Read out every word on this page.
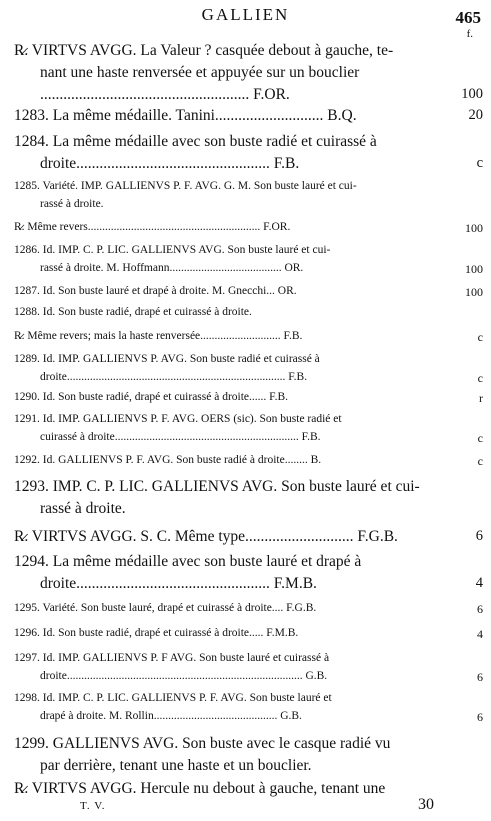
GALLIEN	465
f.
R̷. VIRTVS AVGG. La Valeur ? casquée debout à gauche, te-
nant une haste renversée et appuyée sur un bouclier
...................................................... F.OR.	100
1283. La même médaille. Tanini............................ B.Q.	20
1284. La même médaille avec son buste radié et cuirassé à
droite.................................................. F.B.	c
1285. Variété. IMP. GALLIENVS P. F. AVG. G. M. Son buste lauré et cui-
rassé à droite.
R̷. Même revers............................................................ F.OR.	100
1286. Id. IMP. C. P. LIC. GALLIENVS AVG. Son buste lauré et cui-
rassé à droite. M. Hoffmann....................................... OR.	100
1287. Id. Son buste lauré et drapé à droite. M. Gnecchi... OR.	100
1288. Id. Son buste radié, drapé et cuirassé à droite.
R̷. Même revers; mais la haste renversée............................ F.B.	c
1289. Id. IMP. GALLIENVS P. AVG. Son buste radié et cuirassé à
droite............................................................................ F.B.	c
1290. Id. Son buste radié, drapé et cuirassé à droite...... F.B.	r
1291. Id. IMP. GALLIENVS P. F. AVG. OERS (sic). Son buste radié et
cuirassé à droite................................................................ F.B.	c
1292. Id. GALLIENVS P. F. AVG. Son buste radié à droite........ B.	c
1293. IMP. C. P. LIC. GALLIENVS AVG. Son buste lauré et cui-
rassé à droite.
R̷. VIRTVS AVGG. S. C. Même type............................ F.G.B.	6
1294. La même médaille avec son buste lauré et drapé à
droite.................................................. F.M.B.	4
1295. Variété. Son buste lauré, drapé et cuirassé à droite.... F.G.B.	6
1296. Id. Son buste radié, drapé et cuirassé à droite..... F.M.B.	4
1297. Id. IMP. GALLIENVS P. F AVG. Son buste lauré et cuirassé à
droite.................................................................................. G.B.	6
1298. Id. IMP. C. P. LIC. GALLIENVS P. F. AVG. Son buste lauré et
drapé à droite. M. Rollin........................................... G.B.	6
1299. GALLIENVS AVG. Son buste avec le casque radié vu
par derrière, tenant une haste et un bouclier.
R̷. VIRTVS AVGG. Hercule nu debout à gauche, tenant une
T. V.	30
